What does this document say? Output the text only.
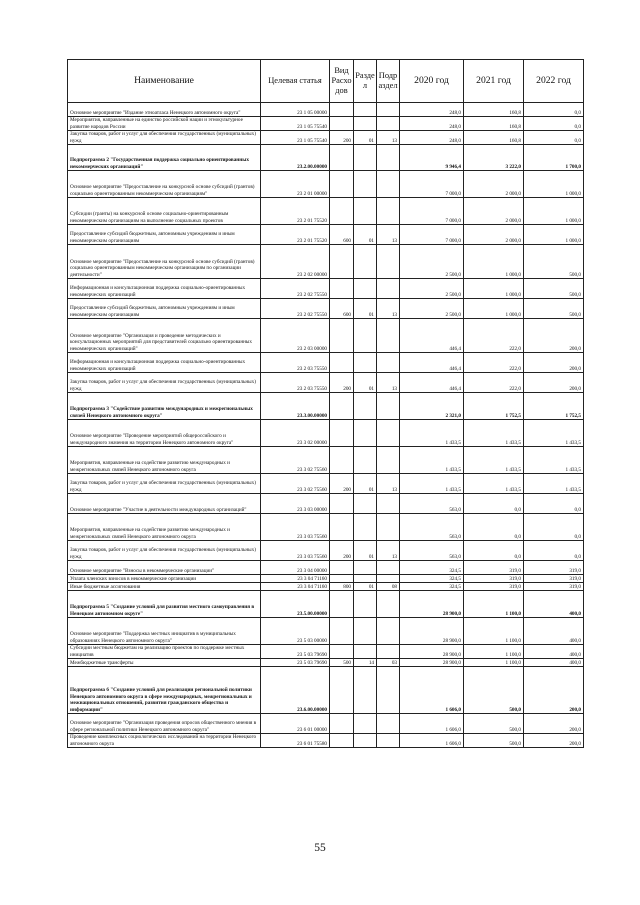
Наименование	Целевая статья	Вид Расхо дов	Разде л	Подр аздел	2020 год	2021 год	2022 год
Основное мероприятие "Издание этноатласа Ненецкого автономного округа"	23 1 05 00000				248,0	160,8	0,0
Мероприятия, направленные на единство российской нации и этнокультурное развитие народов России	23 1 05 75540				248,0	160,8	0,0
Закупка товаров, работ и услуг для обеспечения государственных (муниципальных) нужд	23 1 05 75540	200	01	13	248,0	160,8	0,0
Подпрограмма 2 "Государственная поддержка социально ориентированных некоммерческих организаций"	23.2.00.00000				9 946,4	3 222,0	1 700,0
Основное мероприятие "Предоставление на конкурсной основе субсидий (грантов) социально ориентированным некоммерческим организациям"	23 2 01 00000				7 000,0	2 000,0	1 000,0
Субсидии (гранты) на конкурсной основе социально-ориентированным некоммерческим организациям на выполнение социальных проектов	23 2 01 75520				7 000,0	2 000,0	1 000,0
Предоставление субсидий бюджетным, автономным учреждениям и иным некоммерческим организациям	23 2 01 75520	600	01	13	7 000,0	2 000,0	1 000,0
Основное мероприятие "Предоставление на конкурсной основе субсидий (грантов) социально ориентированным некоммерческим организациям по организации деятельности"	23 2 02 00000				2 500,0	1 000,0	500,0
Информационная и консультационная поддержка социально-ориентированных некоммерческих организаций	23 2 02 75550				2 500,0	1 000,0	500,0
Предоставление субсидий бюджетным, автономным учреждениям и иным некоммерческим организациям	23 2 02 75550	600	01	13	2 500,0	1 000,0	500,0
Основное мероприятие "Организация и проведение методических и консультационных мероприятий для представителей социально ориентированных некоммерческих организаций"	23 2 03 00000				446,4	222,0	200,0
Информационная и консультационная поддержка социально-ориентированных некоммерческих организаций	23 2 03 75550				446,4	222,0	200,0
Закупка товаров, работ и услуг для обеспечения государственных (муниципальных) нужд	23 2 03 75550	200	01	13	446,4	222,0	200,0
Подпрограмма 3 "Содействие развитию международных и межрегиональных связей Ненецкого автономного округа"	23.3.00.00000				2 321,0	1 752,5	1 752,5
Основное мероприятие "Проведение мероприятий общероссийского и международного значения на территории Ненецкого автономного округа"	23 3 02 00000				1 433,5	1 433,5	1 433,5
Мероприятия, направленные на содействие развитию международных и межрегиональных связей Ненецкого автономного округа	23 3 02 75560				1 433,5	1 433,5	1 433,5
Закупка товаров, работ и услуг для обеспечения государственных (муниципальных) нужд	23 3 02 75560	200	01	13	1 433,5	1 433,5	1 433,5
Основное мероприятие "Участие в деятельности международных организаций"	23 3 03 00000				563,0	0,0	0,0
Мероприятия, направленные на содействие развитию международных и межрегиональных связей Ненецкого автономного округа	23 3 03 75560				563,0	0,0	0,0
Закупка товаров, работ и услуг для обеспечения государственных (муниципальных) нужд	23 3 03 75560	200	01	13	563,0	0,0	0,0
Основное мероприятие "Взносы в некоммерческие организации"	23 3 04 00000				324,5	319,0	319,0
Уплата членских взносов в некоммерческие организации	23 3 04 71160				324,5	319,0	319,0
Иные бюджетные ассигнования	23 3 04 71160	800	01	08	324,5	319,0	319,0
Подпрограмма 5 "Создание условий для развития местного самоуправления в Ненецком автономном округе"	23.5.00.00000				28 900,0	1 100,0	400,0
Основное мероприятие "Поддержка местных инициатив в муниципальных образованиях Ненецкого автономного округа"	23 5 03 00000				28 900,0	1 100,0	400,0
Субсидии местным бюджетам на реализацию проектов по поддержке местных инициатив	23 5 03 79690				28 900,0	1 100,0	400,0
Межбюджетные трансферты	23 5 03 79690	500	14	03	28 900,0	1 100,0	400,0
Подпрограмма 6 "Создание условий для реализации региональной политики Ненецкого автономного округа в сфере международных, межрегиональных и межнациональных отношений, развития гражданского общества и информации"	23.6.00.00000				1 606,0	500,0	200,0
Основное мероприятие "Организация проведения опросов общественного мнения в сфере региональной политики Ненецкого автономного округа"	23 6 01 00000				1 606,0	500,0	200,0
Проведение комплексных социологических исследований на территории Ненецкого автономного округа	23 6 01 75580				1 606,0	500,0	200,0
55
